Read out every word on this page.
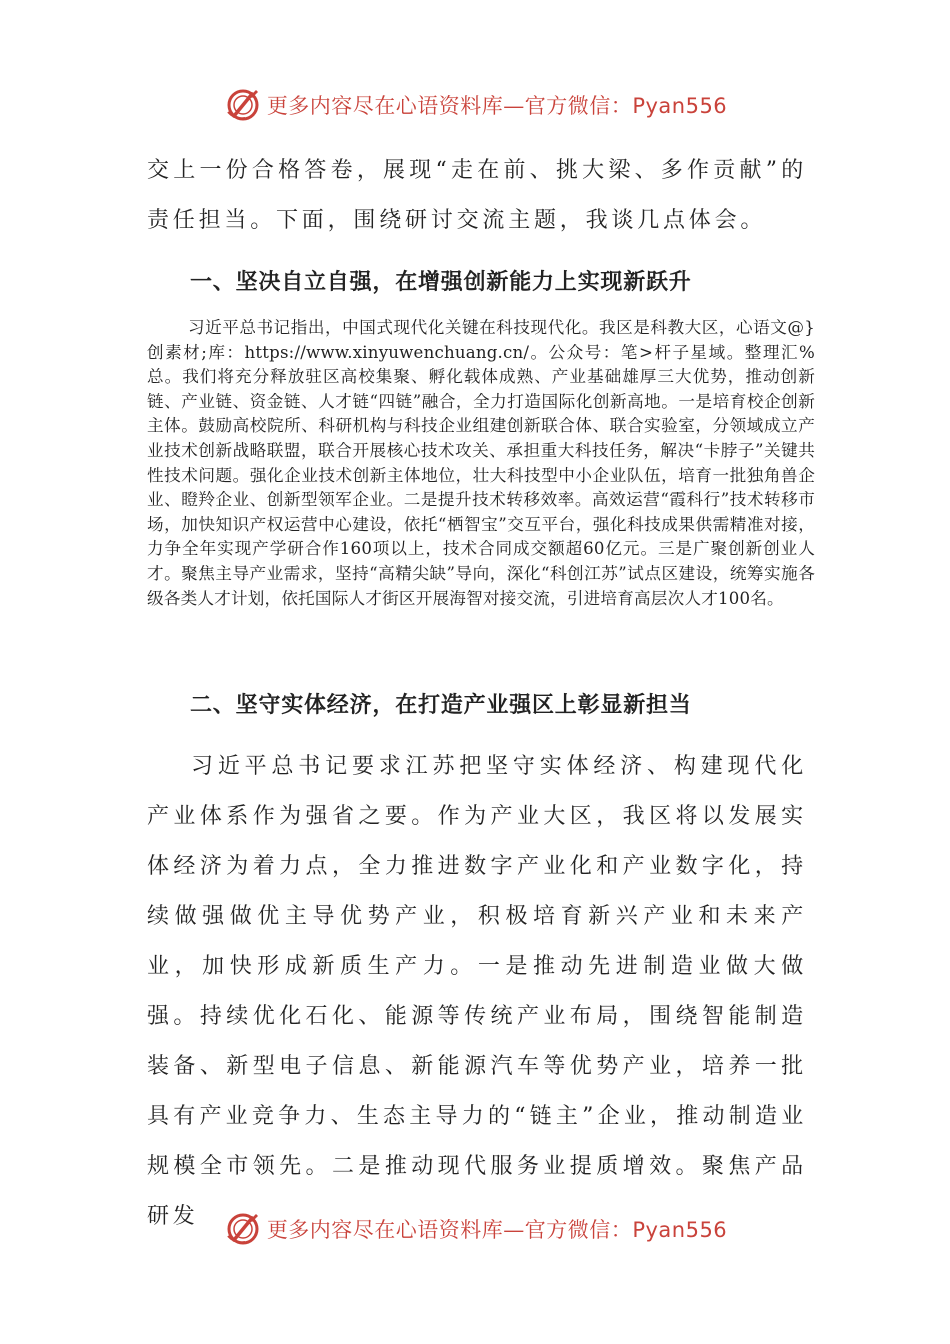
更多内容尽在心语资料库—官方微信：Pyan556

交上一份合格答卷，展现“走在前、挑大梁、多作贡献”的责任担当。下面，围绕研讨交流主题，我谈几点体会。

一、坚决自立自强，在增强创新能力上实现新跃升

习近平总书记指出，中国式现代化关键在科技现代化。我区是科教大区，心语文@}创素材;库：https://www.xinyuwenchuang.cn/。公众号：笔>杆子星域。整理汇%总。我们将充分释放驻区高校集聚、孵化载体成熟、产业基础雄厚三大优势，推动创新链、产业链、资金链、人才链“四链”融合，全力打造国际化创新高地。一是培育校企创新主体。鼓励高校院所、科研机构与科技企业组建创新联合体、联合实验室，分领域成立产业技术创新战略联盟，联合开展核心技术攻关、承担重大科技任务，解决“卡脖子”关键共性技术问题。强化企业技术创新主体地位，壮大科技型中小企业队伍，培育一批独角兽企业、瞪羚企业、创新型领军企业。二是提升技术转移效率。高效运营“霞科行”技术转移市场，加快知识产权运营中心建设，依托“栖智宝”交互平台，强化科技成果供需精准对接，力争全年实现产学研合作160项以上，技术合同成交额超60亿元。三是广聚创新创业人才。聚焦主导产业需求，坚持“高精尖缺”导向，深化“科创江苏”试点区建设，统筹实施各级各类人才计划，依托国际人才街区开展海智对接交流，引进培育高层次人才100名。

二、坚守实体经济，在打造产业强区上彰显新担当

习近平总书记要求江苏把坚守实体经济、构建现代化产业体系作为强省之要。作为产业大区，我区将以发展实体经济为着力点，全力推进数字产业化和产业数字化，持续做强做优主导优势产业，积极培育新兴产业和未来产业，加快形成新质生产力。一是推动先进制造业做大做强。持续优化石化、能源等传统产业布局，围绕智能制造装备、新型电子信息、新能源汽车等优势产业，培养一批具有产业竞争力、生态主导力的“链主”企业，推动制造业规模全市领先。二是推动现代服务业提质增效。聚焦产品研发

更多内容尽在心语资料库—官方微信：Pyan556
